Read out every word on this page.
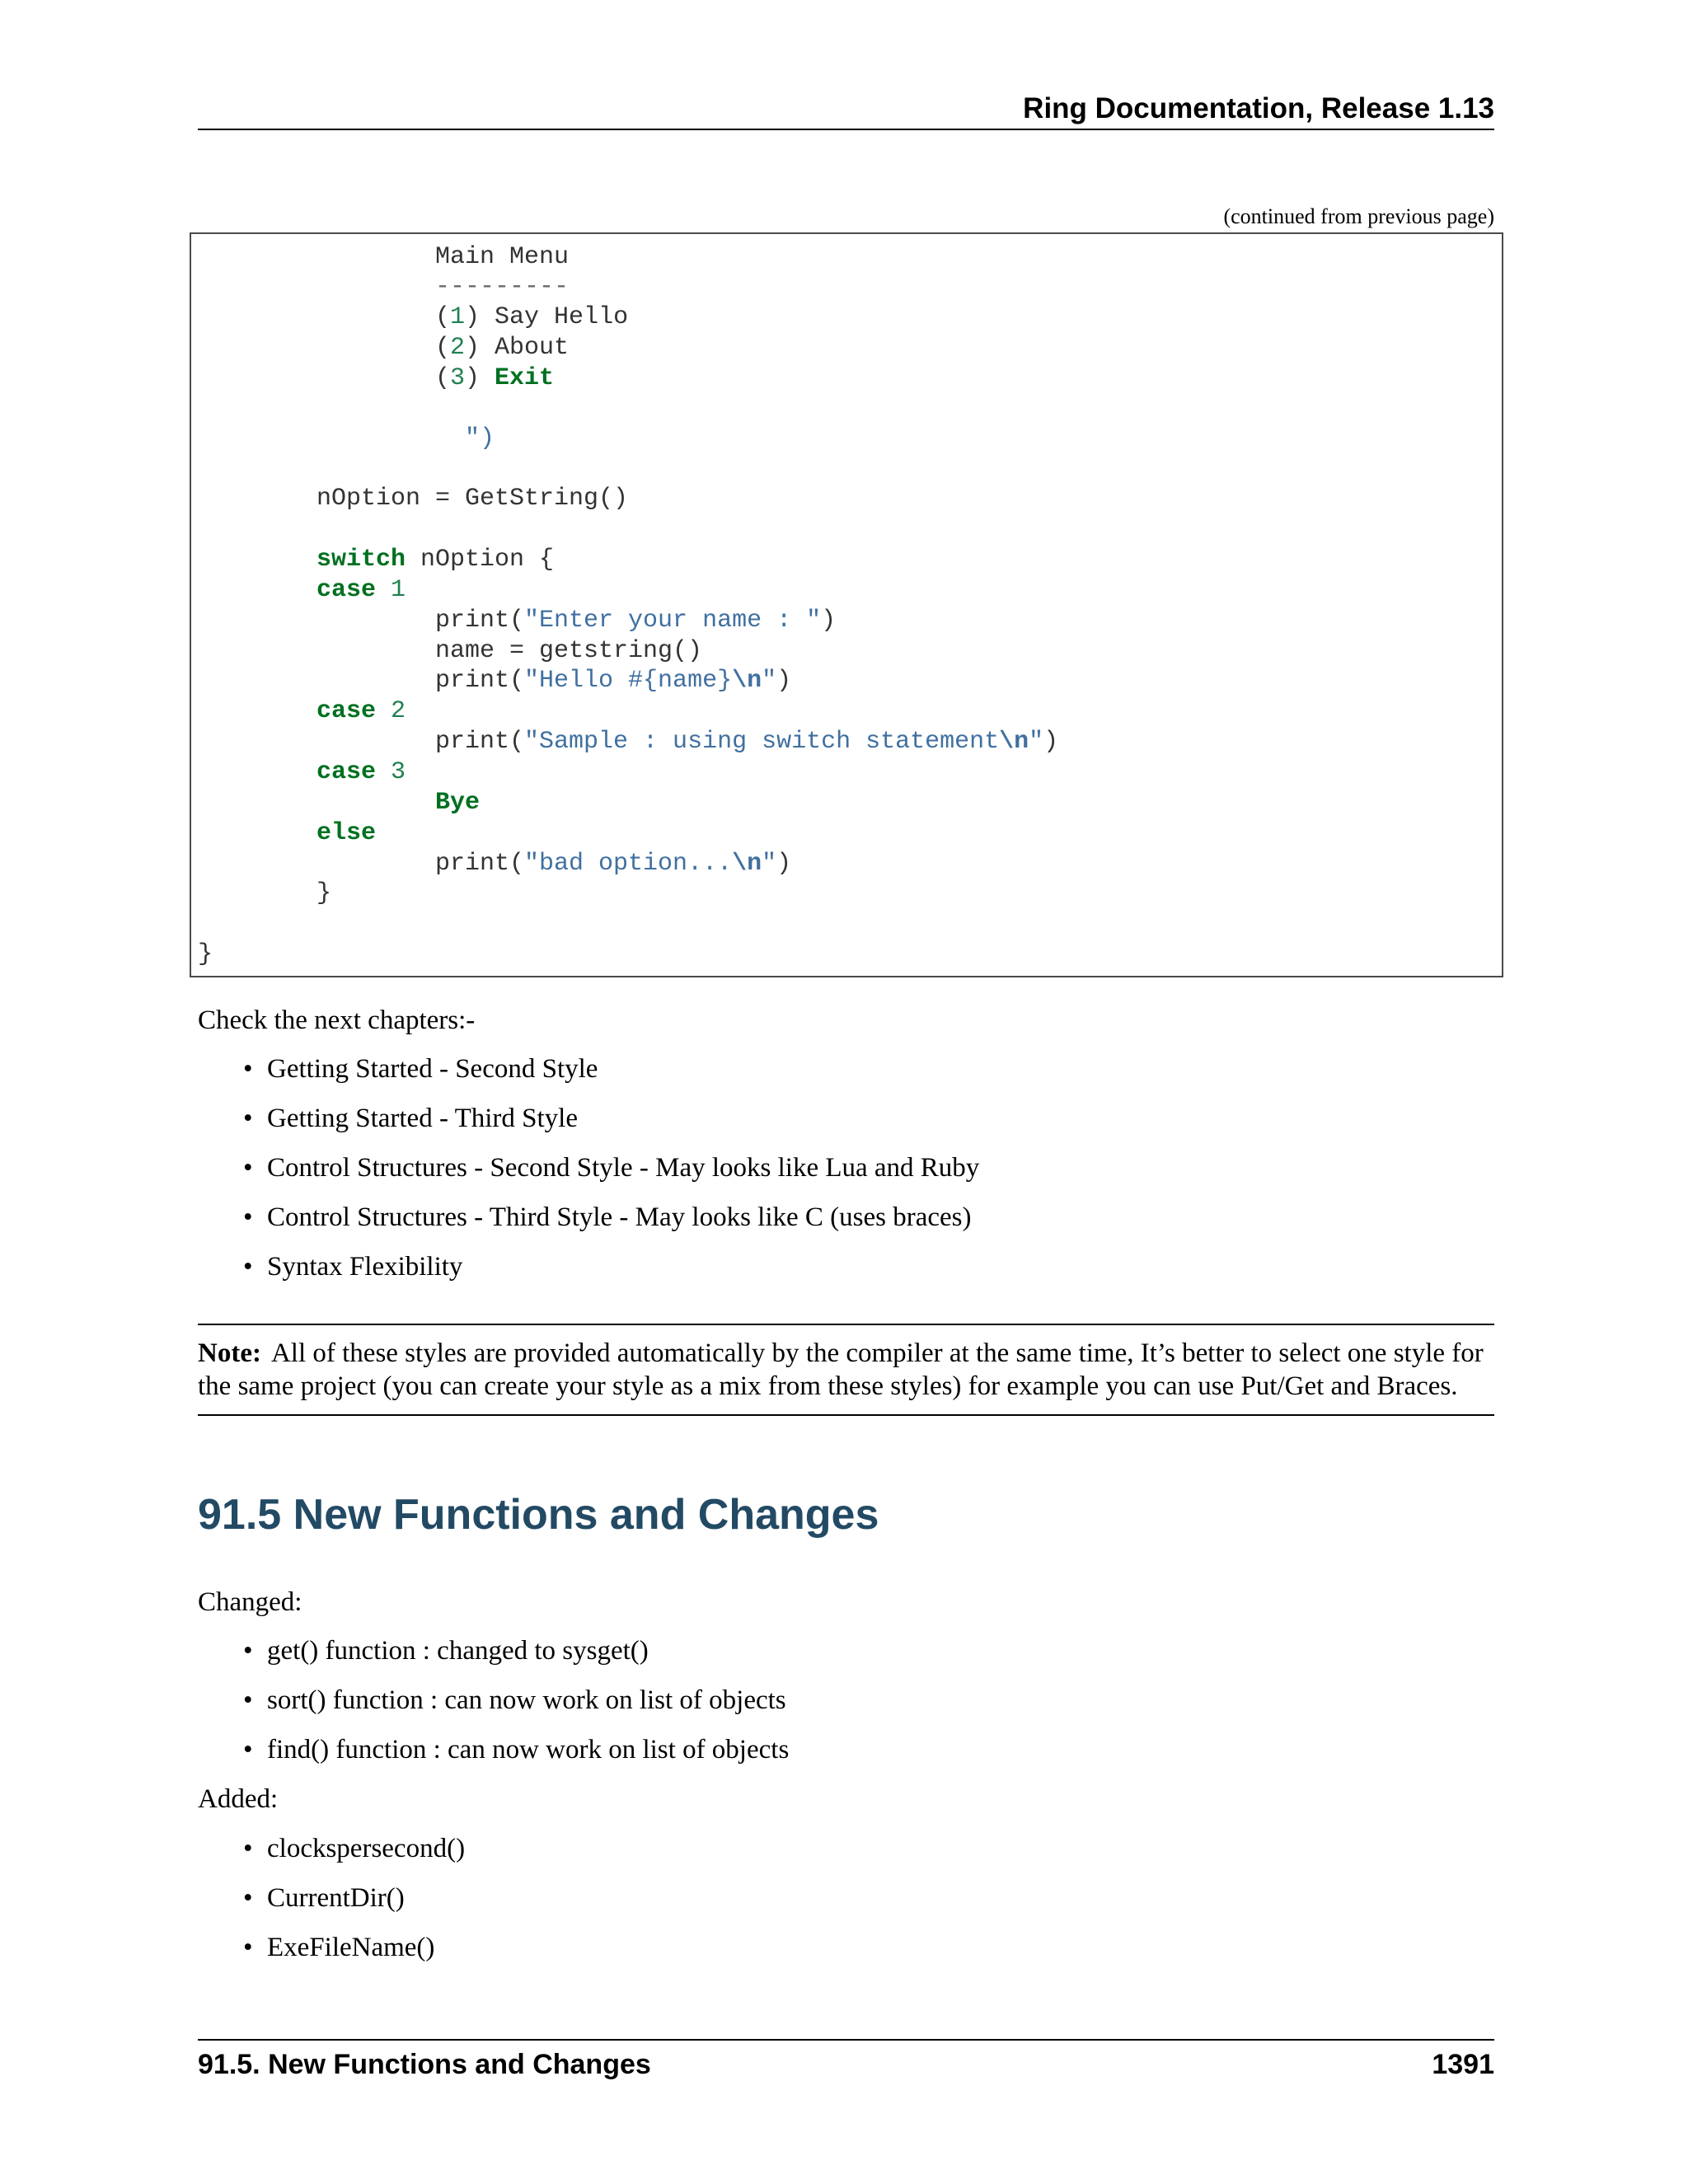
Ring Documentation, Release 1.13
(continued from previous page)
Main Menu
---------
(1) Say Hello
(2) About
(3) Exit
")
nOption = GetString()
switch nOption {
case 1
print("Enter your name : ")
name = getstring()
print("Hello #{name}\n")
case 2
print("Sample : using switch statement\n")
case 3
Bye
else
print("bad option...\n")
}
}
Check the next chapters:-
• Getting Started - Second Style
• Getting Started - Third Style
• Control Structures - Second Style - May looks like Lua and Ruby
• Control Structures - Third Style - May looks like C (uses braces)
• Syntax Flexibility
Note: All of these styles are provided automatically by the compiler at the same time, It’s better to select one style for
the same project (you can create your style as a mix from these styles) for example you can use Put/Get and Braces.
91.5 New Functions and Changes
Changed:
• get() function : changed to sysget()
• sort() function : can now work on list of objects
• find() function : can now work on list of objects
Added:
• clockspersecond()
• CurrentDir()
• ExeFileName()
91.5. New Functions and Changes	1391
